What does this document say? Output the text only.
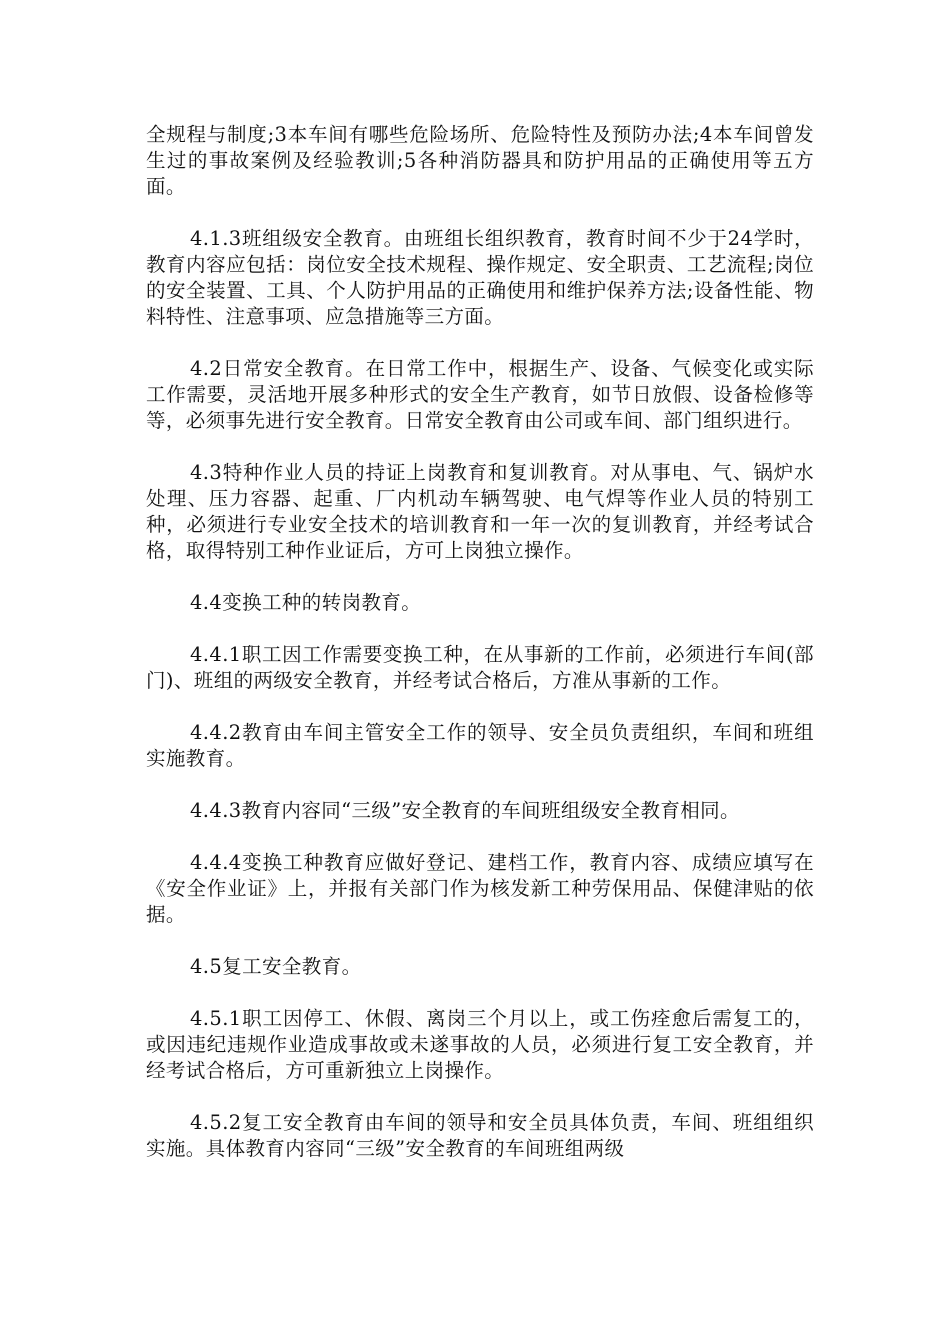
全规程与制度;3本车间有哪些危险场所、危险特性及预防办法;4本车间曾发生过的事故案例及经验教训;5各种消防器具和防护用品的正确使用等五方面。

4.1.3班组级安全教育。由班组长组织教育，教育时间不少于24学时，教育内容应包括：岗位安全技术规程、操作规定、安全职责、工艺流程;岗位的安全装置、工具、个人防护用品的正确使用和维护保养方法;设备性能、物料特性、注意事项、应急措施等三方面。

4.2日常安全教育。在日常工作中，根据生产、设备、气候变化或实际工作需要，灵活地开展多种形式的安全生产教育，如节日放假、设备检修等等，必须事先进行安全教育。日常安全教育由公司或车间、部门组织进行。

4.3特种作业人员的持证上岗教育和复训教育。对从事电、气、锅炉水处理、压力容器、起重、厂内机动车辆驾驶、电气焊等作业人员的特别工种，必须进行专业安全技术的培训教育和一年一次的复训教育，并经考试合格，取得特别工种作业证后，方可上岗独立操作。

4.4变换工种的转岗教育。

4.4.1职工因工作需要变换工种，在从事新的工作前，必须进行车间(部门)、班组的两级安全教育，并经考试合格后，方准从事新的工作。

4.4.2教育由车间主管安全工作的领导、安全员负责组织，车间和班组实施教育。

4.4.3教育内容同“三级”安全教育的车间班组级安全教育相同。

4.4.4变换工种教育应做好登记、建档工作，教育内容、成绩应填写在《安全作业证》上，并报有关部门作为核发新工种劳保用品、保健津贴的依据。

4.5复工安全教育。

4.5.1职工因停工、休假、离岗三个月以上，或工伤痊愈后需复工的，或因违纪违规作业造成事故或未遂事故的人员，必须进行复工安全教育，并经考试合格后，方可重新独立上岗操作。

4.5.2复工安全教育由车间的领导和安全员具体负责，车间、班组组织实施。具体教育内容同“三级”安全教育的车间班组两级
